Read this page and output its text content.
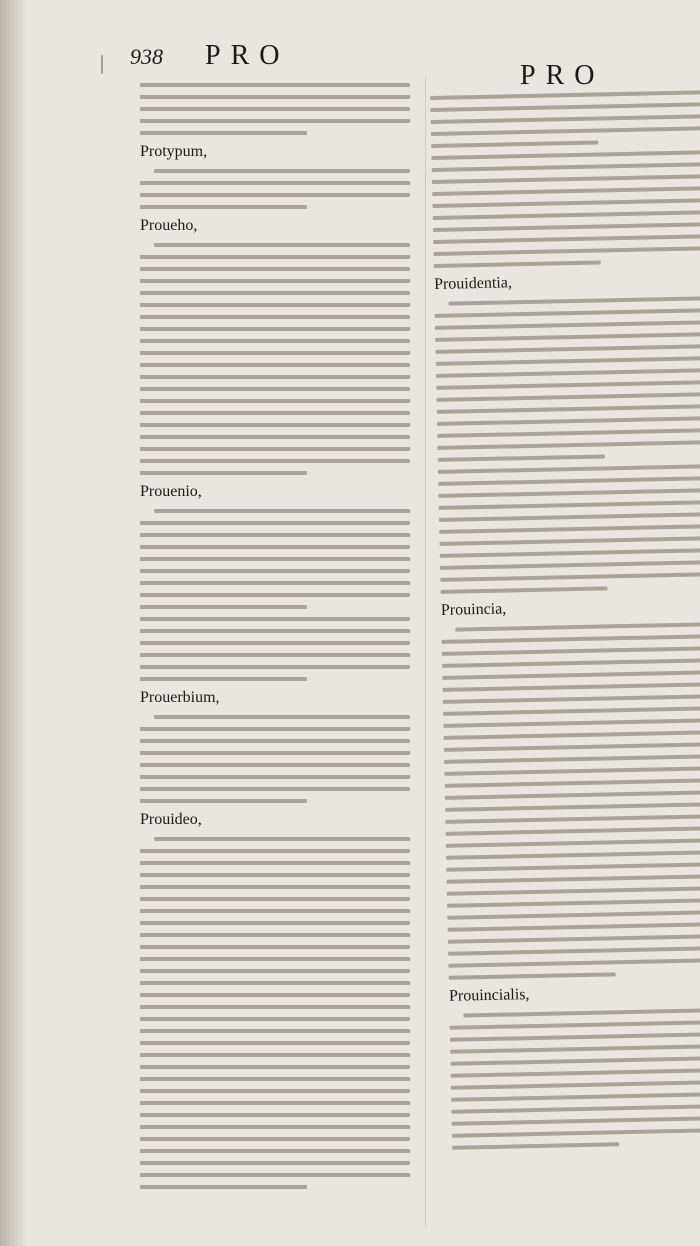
| 938 PRO
PRO
Protypum,
Proueho,
Prouenio,
Prouerbium,
Prouideo,
Prouidentia,
Prouincia,
Prouincialis,
